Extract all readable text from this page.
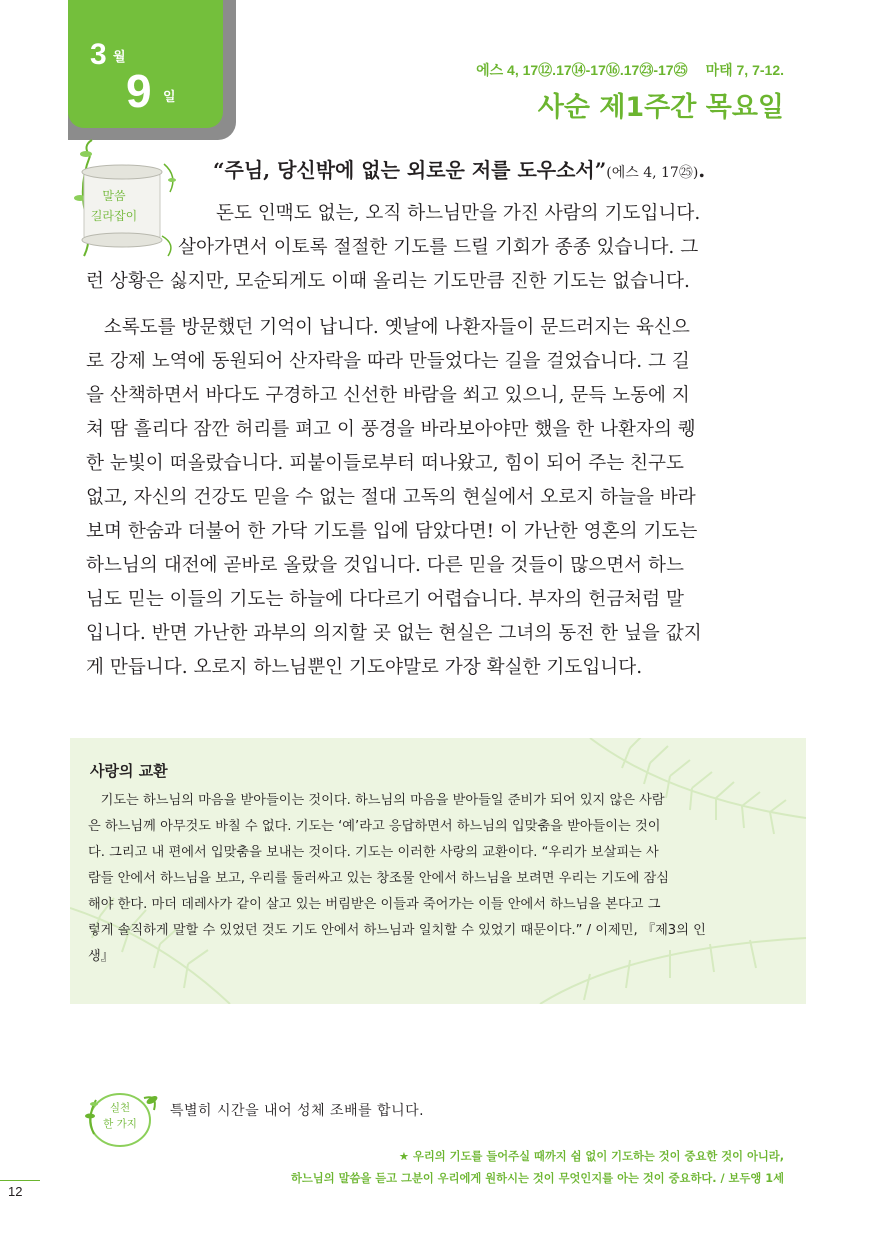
3 월
9 일
에스 4, 17⑫.17⑭-17⑯.17㉓-17㉕ 마태 7, 7-12.
사순 제1주간 목요일
말씀
길라잡이
“주님, 당신밖에 없는 외로운 저를 도우소서”(에스 4, 17㉕).
돈도 인맥도 없는, 오직 하느님만을 가진 사람의 기도입니다.
살아가면서 이토록 절절한 기도를 드릴 기회가 종종 있습니다. 그
런 상황은 싫지만, 모순되게도 이때 올리는 기도만큼 진한 기도는 없습니다.
소록도를 방문했던 기억이 납니다. 옛날에 나환자들이 문드러지는 육신으
로 강제 노역에 동원되어 산자락을 따라 만들었다는 길을 걸었습니다. 그 길
을 산책하면서 바다도 구경하고 신선한 바람을 쐬고 있으니, 문득 노동에 지
쳐 땀 흘리다 잠깐 허리를 펴고 이 풍경을 바라보아야만 했을 한 나환자의 퀭
한 눈빛이 떠올랐습니다. 피붙이들로부터 떠나왔고, 힘이 되어 주는 친구도
없고, 자신의 건강도 믿을 수 없는 절대 고독의 현실에서 오로지 하늘을 바라
보며 한숨과 더불어 한 가닥 기도를 입에 담았다면! 이 가난한 영혼의 기도는
하느님의 대전에 곧바로 올랐을 것입니다. 다른 믿을 것들이 많으면서 하느
님도 믿는 이들의 기도는 하늘에 다다르기 어렵습니다. 부자의 헌금처럼 말
입니다. 반면 가난한 과부의 의지할 곳 없는 현실은 그녀의 동전 한 닢을 값지
게 만듭니다. 오로지 하느님뿐인 기도야말로 가장 확실한 기도입니다.
사랑의 교환
기도는 하느님의 마음을 받아들이는 것이다. 하느님의 마음을 받아들일 준비가 되어 있지 않은 사람
은 하느님께 아무것도 바칠 수 없다. 기도는 ‘예’라고 응답하면서 하느님의 입맞춤을 받아들이는 것이
다. 그리고 내 편에서 입맞춤을 보내는 것이다. 기도는 이러한 사랑의 교환이다. “우리가 보살피는 사
람들 안에서 하느님을 보고, 우리를 둘러싸고 있는 창조물 안에서 하느님을 보려면 우리는 기도에 잠심
해야 한다. 마더 데레사가 같이 살고 있는 버림받은 이들과 죽어가는 이들 안에서 하느님을 본다고 그
렇게 솔직하게 말할 수 있었던 것도 기도 안에서 하느님과 일치할 수 있었기 때문이다.” / 이제민, 『제3의 인
생』
실천
한 가지
특별히 시간을 내어 성체 조배를 합니다.
★ 우리의 기도를 들어주실 때까지 쉼 없이 기도하는 것이 중요한 것이 아니라,
하느님의 말씀을 듣고 그분이 우리에게 원하시는 것이 무엇인지를 아는 것이 중요하다. / 보두앵 1세
12
